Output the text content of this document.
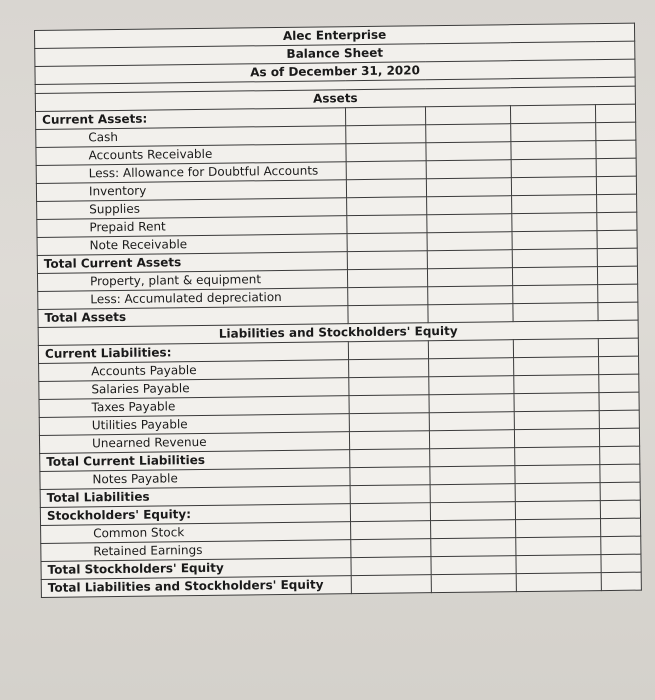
Alec Enterprise				
Balance Sheet				
As of December 31, 2020				

Assets				
Current Assets:				
Cash				
Accounts Receivable				
Less: Allowance for Doubtful Accounts				
Inventory				
Supplies				
Prepaid Rent				
Note Receivable				
Total Current Assets				
Property, plant & equipment				
Less: Accumulated depreciation				
Total Assets				
Liabilities and Stockholders' Equity				
Current Liabilities:				
Accounts Payable				
Salaries Payable				
Taxes Payable				
Utilities Payable				
Unearned Revenue				
Total Current Liabilities				
Notes Payable				
Total Liabilities				
Stockholders' Equity:				
Common Stock				
Retained Earnings				
Total Stockholders' Equity				
Total Liabilities and Stockholders' Equity				
